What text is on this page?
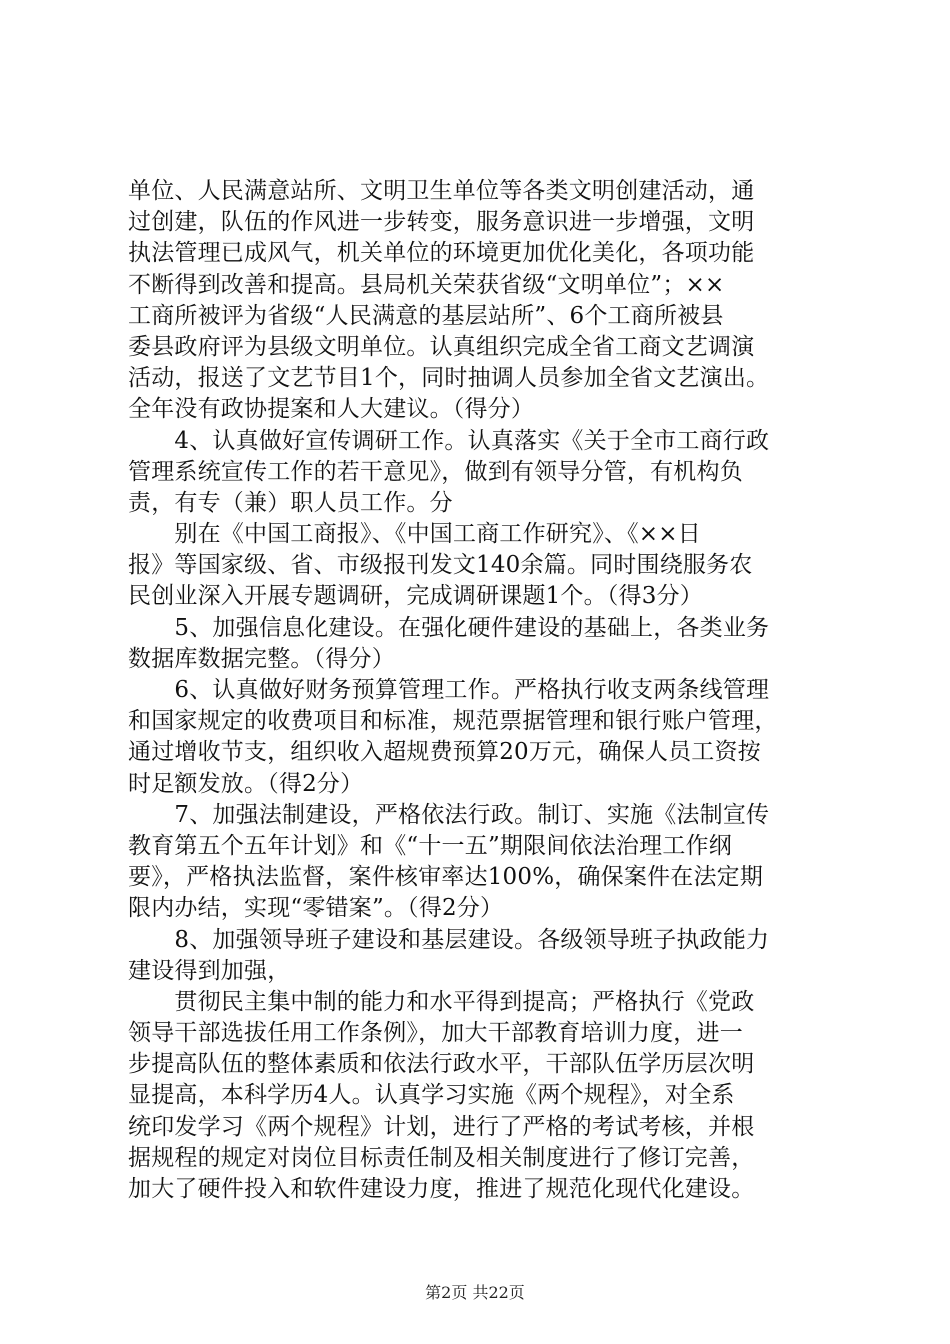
单位、人民满意站所、文明卫生单位等各类文明创建活动，通
过创建，队伍的作风进一步转变，服务意识进一步增强，文明
执法管理已成风气，机关单位的环境更加优化美化，各项功能
不断得到改善和提高。县局机关荣获省级“文明单位”；××
工商所被评为省级“人民满意的基层站所”、6个工商所被县
委县政府评为县级文明单位。认真组织完成全省工商文艺调演
活动，报送了文艺节目1个，同时抽调人员参加全省文艺演出。
全年没有政协提案和人大建议。（得分）
　　4、认真做好宣传调研工作。认真落实《关于全市工商行政
管理系统宣传工作的若干意见》，做到有领导分管，有机构负
责，有专（兼）职人员工作。分
　　别在《中国工商报》、《中国工商工作研究》、《××日
报》等国家级、省、市级报刊发文140余篇。同时围绕服务农
民创业深入开展专题调研，完成调研课题1个。（得3分）
　　5、加强信息化建设。在强化硬件建设的基础上，各类业务
数据库数据完整。（得分）
　　6、认真做好财务预算管理工作。严格执行收支两条线管理
和国家规定的收费项目和标准，规范票据管理和银行账户管理，
通过增收节支，组织收入超规费预算20万元，确保人员工资按
时足额发放。（得2分）
　　7、加强法制建设，严格依法行政。制订、实施《法制宣传
教育第五个五年计划》和《“十一五”期限间依法治理工作纲
要》，严格执法监督，案件核审率达100%，确保案件在法定期
限内办结，实现“零错案”。（得2分）
　　8、加强领导班子建设和基层建设。各级领导班子执政能力
建设得到加强，
　　贯彻民主集中制的能力和水平得到提高；严格执行《党政
领导干部选拔任用工作条例》，加大干部教育培训力度，进一
步提高队伍的整体素质和依法行政水平，干部队伍学历层次明
显提高，本科学历4人。认真学习实施《两个规程》，对全系
统印发学习《两个规程》计划，进行了严格的考试考核，并根
据规程的规定对岗位目标责任制及相关制度进行了修订完善，
加大了硬件投入和软件建设力度，推进了规范化现代化建设。
第2页 共22页
